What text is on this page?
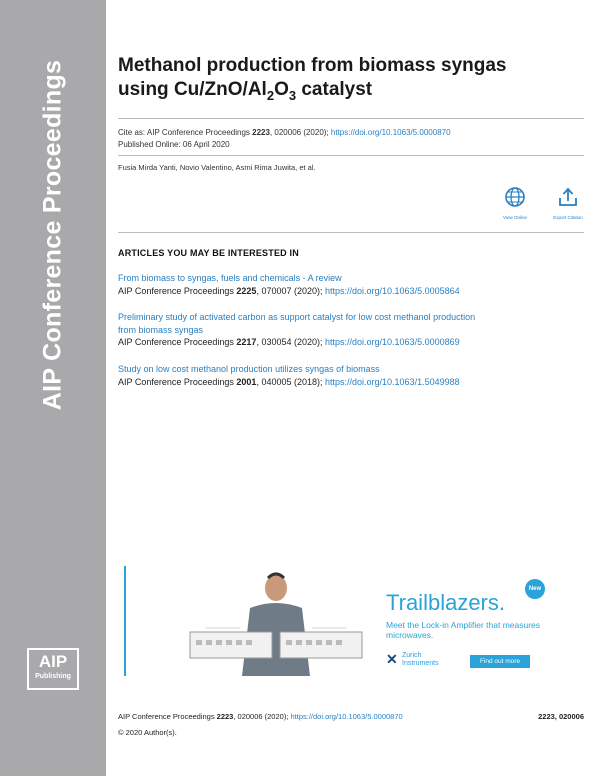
AIP Conference Proceedings
AIP
Publishing
Methanol production from biomass syngas
using $Cu/ZnO/Al_2O_3$ catalyst
Cite as: AIP Conference Proceedings 2223, 020006 (2020); https://doi.org/10.1063/5.0000870
Published Online: 06 April 2020
Fusia Mirda Yanti, Novio Valentino, Asmi Rima Juwita, et al.
View Online	Export Citation
ARTICLES YOU MAY BE INTERESTED IN
From biomass to syngas, fuels and chemicals - A review
AIP Conference Proceedings 2225, 070007 (2020); https://doi.org/10.1063/5.0005864
Preliminary study of activated carbon as support catalyst for low cost methanol production
from biomass syngas
AIP Conference Proceedings 2217, 030054 (2020); https://doi.org/10.1063/5.0000869
Study on low cost methanol production utilizes syngas of biomass
AIP Conference Proceedings 2001, 040005 (2018); https://doi.org/10.1063/1.5049988
Trailblazers.
Meet the Lock-in Amplifier that measures microwaves.
New
✕ Zurich
Instruments	Find out more
AIP Conference Proceedings 2223, 020006 (2020); https://doi.org/10.1063/5.0000870	2223, 020006
© 2020 Author(s).
